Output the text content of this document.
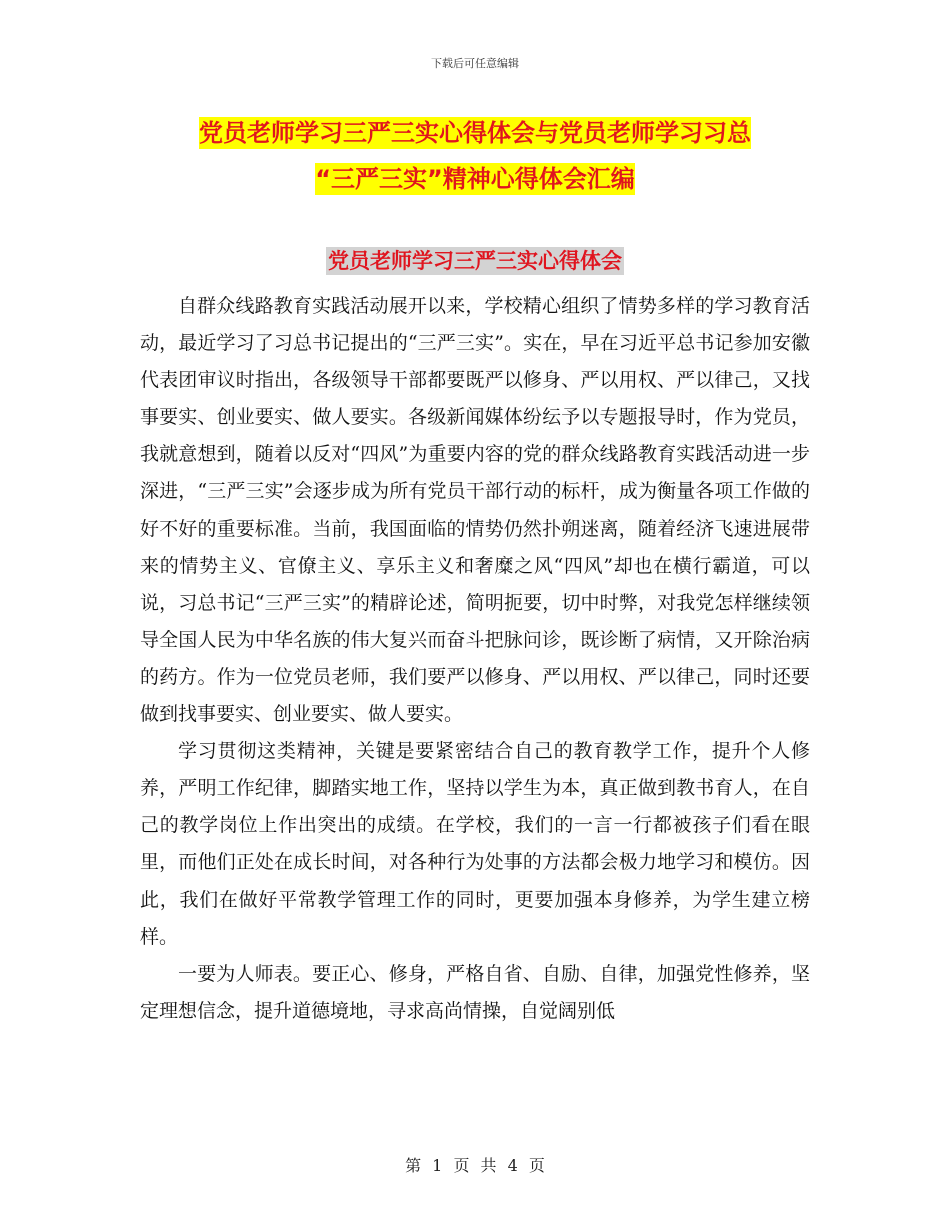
下载后可任意编辑
党员老师学习三严三实心得体会与党员老师学习习总
“三严三实”精神心得体会汇编
党员老师学习三严三实心得体会

自群众线路教育实践活动展开以来，学校精心组织了情势多样的学习教育活动，最近学习了习总书记提出的“三严三实”。实在，早在习近平总书记参加安徽代表团审议时指出，各级领导干部都要既严以修身、严以用权、严以律己，又找事要实、创业要实、做人要实。各级新闻媒体纷纭予以专题报导时，作为党员，我就意想到，随着以反对“四风”为重要内容的党的群众线路教育实践活动进一步深进，“三严三实”会逐步成为所有党员干部行动的标杆，成为衡量各项工作做的好不好的重要标准。当前，我国面临的情势仍然扑朔迷离，随着经济飞速进展带来的情势主义、官僚主义、享乐主义和奢糜之风“四风”却也在横行霸道，可以说，习总书记“三严三实”的精辟论述，简明扼要，切中时弊，对我党怎样继续领导全国人民为中华名族的伟大复兴而奋斗把脉问诊，既诊断了病情，又开除治病的药方。作为一位党员老师，我们要严以修身、严以用权、严以律己，同时还要做到找事要实、创业要实、做人要实。

学习贯彻这类精神，关键是要紧密结合自己的教育教学工作，提升个人修养，严明工作纪律，脚踏实地工作，坚持以学生为本，真正做到教书育人，在自己的教学岗位上作出突出的成绩。在学校，我们的一言一行都被孩子们看在眼里，而他们正处在成长时间，对各种行为处事的方法都会极力地学习和模仿。因此，我们在做好平常教学管理工作的同时，更要加强本身修养，为学生建立榜样。

一要为人师表。要正心、修身，严格自省、自励、自律，加强党性修养，坚定理想信念，提升道德境地，寻求高尚情操，自觉阔别低

第 1 页 共 4 页
